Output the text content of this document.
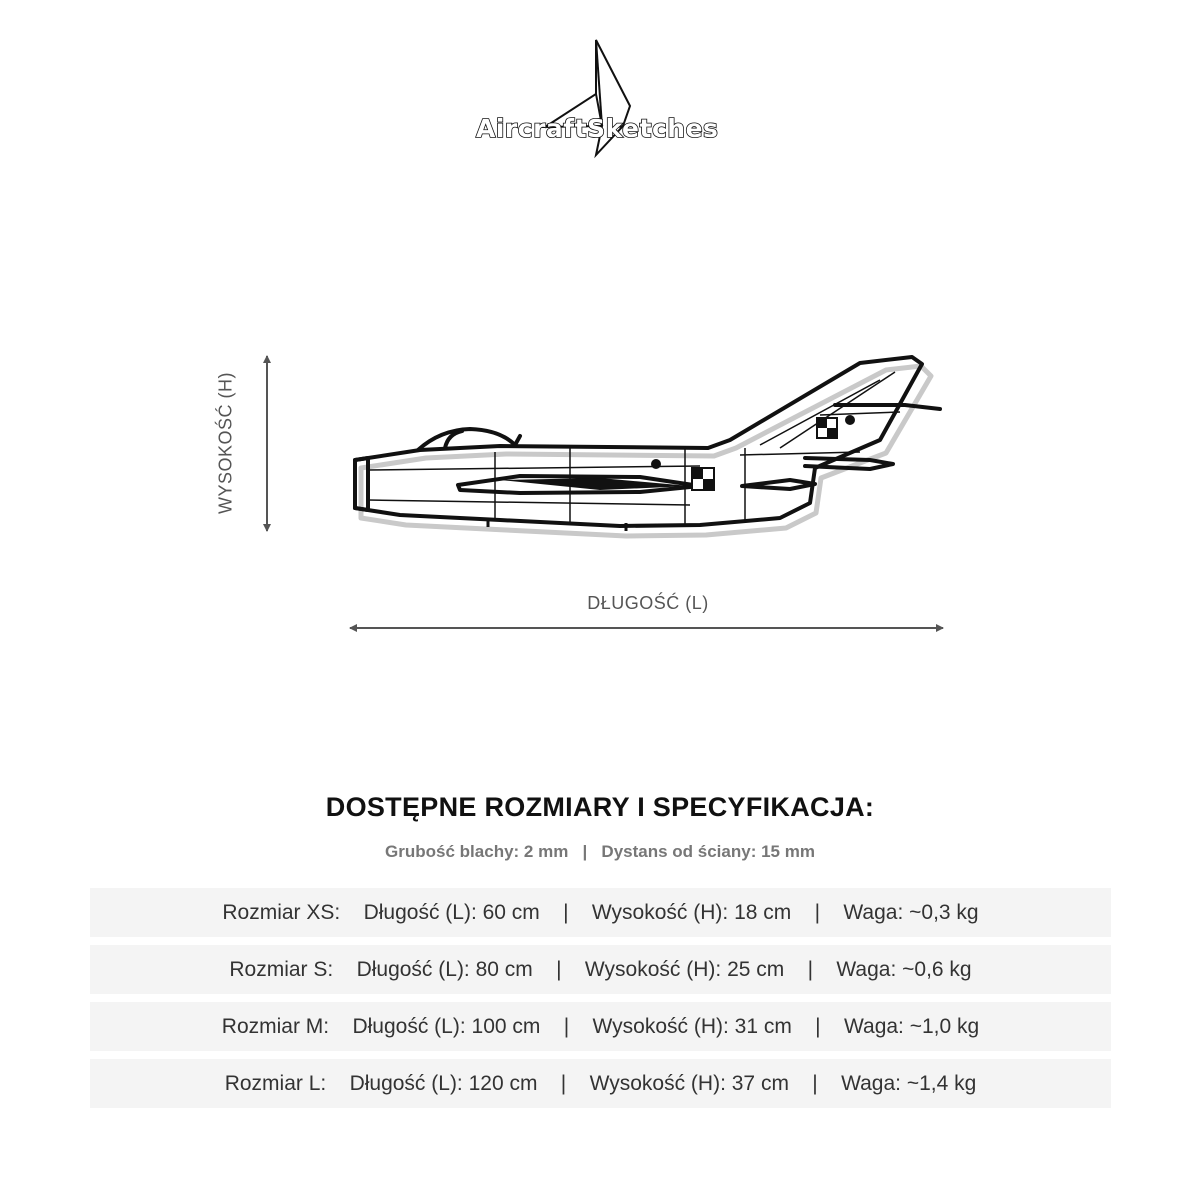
AircraftSketches
WYSOKOŚĆ (H)
DŁUGOŚĆ (L)
DOSTĘPNE ROZMIARY I SPECYFIKACJA:
Grubość blachy: 2 mm   |   Dystans od ściany: 15 mm
Rozmiar XS:    Długość (L): 60 cm    |    Wysokość (H): 18 cm    |    Waga: ~0,3 kg
Rozmiar S:    Długość (L): 80 cm    |    Wysokość (H): 25 cm    |    Waga: ~0,6 kg
Rozmiar M:    Długość (L): 100 cm    |    Wysokość (H): 31 cm    |    Waga: ~1,0 kg
Rozmiar L:    Długość (L): 120 cm    |    Wysokość (H): 37 cm    |    Waga: ~1,4 kg
